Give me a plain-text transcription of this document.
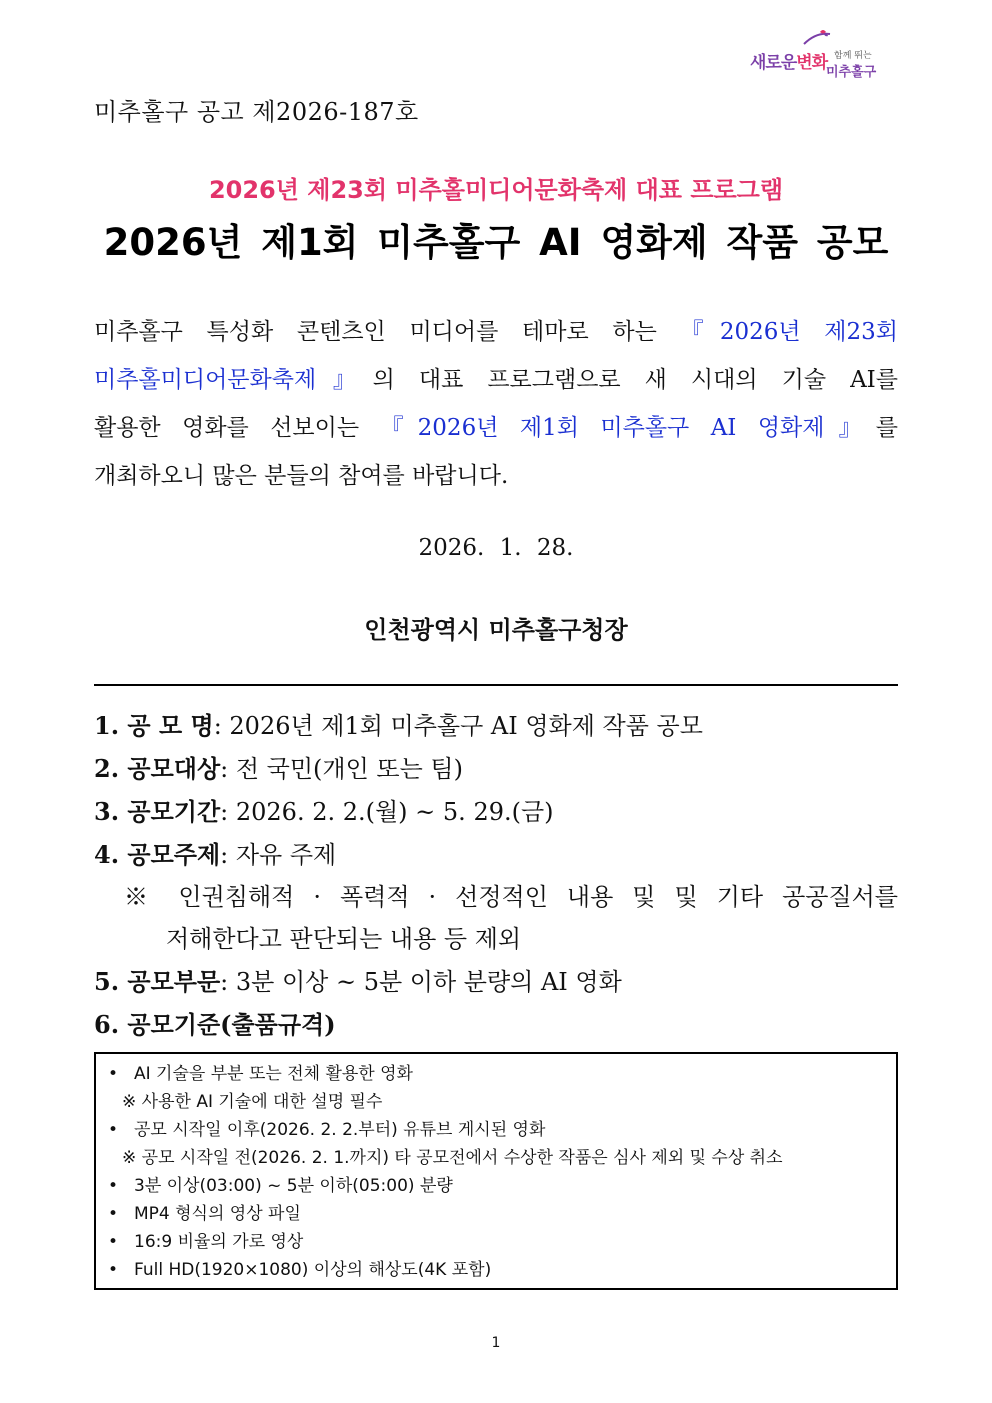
새로운변화 함께 뛰는
미추홀구
미추홀구 공고 제2026-187호
2026년 제23회 미추홀미디어문화축제 대표 프로그램
2026년 제1회 미추홀구 AI 영화제 작품 공모
미추홀구 특성화 콘텐츠인 미디어를 테마로 하는 『2026년 제23회
미추홀미디어문화축제』의 대표 프로그램으로 새 시대의 기술 AI를
활용한 영화를 선보이는 『2026년 제1회 미추홀구 AI 영화제』를
개최하오니 많은 분들의 참여를 바랍니다.
2026. 1. 28.
인천광역시 미추홀구청장
1. 공 모 명: 2026년 제1회 미추홀구 AI 영화제 작품 공모
2. 공모대상: 전 국민(개인 또는 팀)
3. 공모기간: 2026. 2. 2.(월) ~ 5. 29.(금)
4. 공모주제: 자유 주제
※ 인권침해적 · 폭력적 · 선정적인 내용 및 및 기타 공공질서를
저해한다고 판단되는 내용 등 제외
5. 공모부문: 3분 이상 ~ 5분 이하 분량의 AI 영화
6. 공모기준(출품규격)
• AI 기술을 부분 또는 전체 활용한 영화
※ 사용한 AI 기술에 대한 설명 필수
• 공모 시작일 이후(2026. 2. 2.부터) 유튜브 게시된 영화
※ 공모 시작일 전(2026. 2. 1.까지) 타 공모전에서 수상한 작품은 심사 제외 및 수상 취소
• 3분 이상(03:00) ~ 5분 이하(05:00) 분량
• MP4 형식의 영상 파일
• 16:9 비율의 가로 영상
• Full HD(1920×1080) 이상의 해상도(4K 포함)
1
